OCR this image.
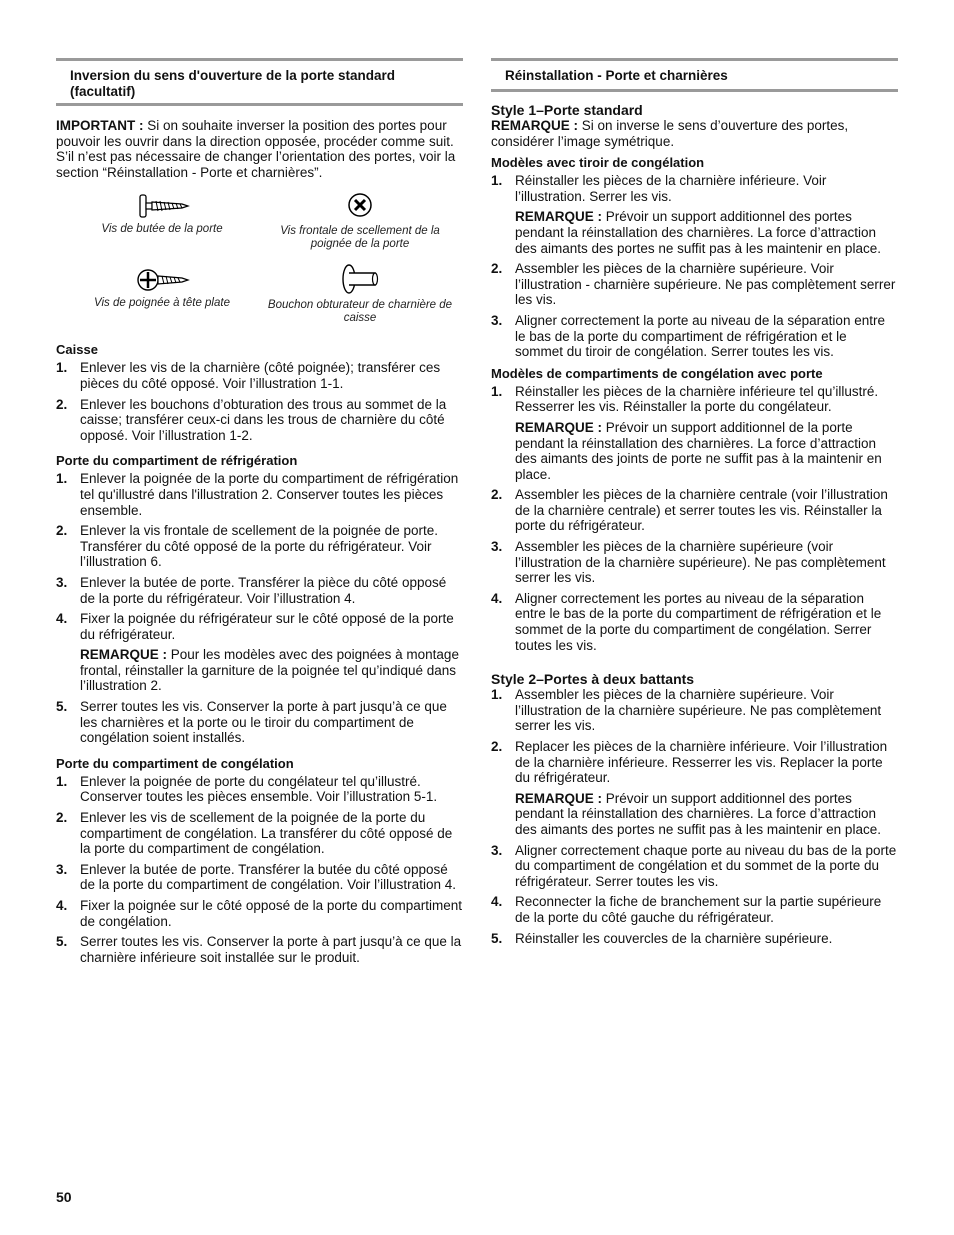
Inversion du sens d'ouverture de la porte standard (facultatif)

IMPORTANT : Si on souhaite inverser la position des portes pour pouvoir les ouvrir dans la direction opposée, procéder comme suit. S’il n’est pas nécessaire de changer l’orientation des portes, voir la section “Réinstallation - Porte et charnières”.

Vis de butée de la porte	Vis frontale de scellement de la poignée de la porte
Vis de poignée à tête plate	Bouchon obturateur de charnière de caisse
Caisse
1. Enlever les vis de la charnière (côté poignée); transférer ces pièces du côté opposé. Voir l’illustration 1-1.
2. Enlever les bouchons d’obturation des trous au sommet de la caisse; transférer ceux-ci dans les trous de charnière du côté opposé. Voir l’illustration 1-2.
Porte du compartiment de réfrigération
1. Enlever la poignée de la porte du compartiment de réfrigération tel qu'illustré dans l'illustration 2. Conserver toutes les pièces ensemble.
2. Enlever la vis frontale de scellement de la poignée de porte. Transférer du côté opposé de la porte du réfrigérateur. Voir l’illustration 6.
3. Enlever la butée de porte. Transférer la pièce du côté opposé de la porte du réfrigérateur. Voir l’illustration 4.
4. Fixer la poignée du réfrigérateur sur le côté opposé de la porte du réfrigérateur.

REMARQUE : Pour les modèles avec des poignées à montage frontal, réinstaller la garniture de la poignée tel qu’indiqué dans l’illustration 2.

5. Serrer toutes les vis. Conserver la porte à part jusqu’à ce que les charnières et la porte ou le tiroir du compartiment de congélation soient installés.
Porte du compartiment de congélation
1. Enlever la poignée de porte du congélateur tel qu’illustré. Conserver toutes les pièces ensemble. Voir l’illustration 5-1.
2. Enlever les vis de scellement de la poignée de la porte du compartiment de congélation. La transférer du côté opposé de la porte du compartiment de congélation.
3. Enlever la butée de porte. Transférer la butée du côté opposé de la porte du compartiment de congélation. Voir l’illustration 4.
4. Fixer la poignée sur le côté opposé de la porte du compartiment de congélation.
5. Serrer toutes les vis. Conserver la porte à part jusqu’à ce que la charnière inférieure soit installée sur le produit.
Réinstallation - Porte et charnières
Style 1–Porte standard

REMARQUE : Si on inverse le sens d’ouverture des portes, considérer l’image symétrique.

Modèles avec tiroir de congélation
1. Réinstaller les pièces de la charnière inférieure. Voir l’illustration. Serrer les vis.

REMARQUE : Prévoir un support additionnel des portes pendant la réinstallation des charnières. La force d’attraction des aimants des portes ne suffit pas à les maintenir en place.

2. Assembler les pièces de la charnière supérieure. Voir l’illustration - charnière supérieure. Ne pas complètement serrer les vis.
3. Aligner correctement la porte au niveau de la séparation entre le bas de la porte du compartiment de réfrigération et le sommet du tiroir de congélation. Serrer toutes les vis.
Modèles de compartiments de congélation avec porte
1. Réinstaller les pièces de la charnière inférieure tel qu’illustré. Resserrer les vis. Réinstaller la porte du congélateur.

REMARQUE : Prévoir un support additionnel de la porte pendant la réinstallation des charnières. La force d’attraction des aimants des joints de porte ne suffit pas à la maintenir en place.

2. Assembler les pièces de la charnière centrale (voir l’illustration de la charnière centrale) et serrer toutes les vis. Réinstaller la porte du réfrigérateur.
3. Assembler les pièces de la charnière supérieure (voir l’illustration de la charnière supérieure). Ne pas complètement serrer les vis.
4. Aligner correctement les portes au niveau de la séparation entre le bas de la porte du compartiment de réfrigération et le sommet de la porte du compartiment de congélation. Serrer toutes les vis.
Style 2–Portes à deux battants
1. Assembler les pièces de la charnière supérieure. Voir l’illustration de la charnière supérieure. Ne pas complètement serrer les vis.
2. Replacer les pièces de la charnière inférieure. Voir l’illustration de la charnière inférieure. Resserrer les vis. Replacer la porte du réfrigérateur.

REMARQUE : Prévoir un support additionnel des portes pendant la réinstallation des charnières. La force d’attraction des aimants des portes ne suffit pas à les maintenir en place.

3. Aligner correctement chaque porte au niveau du bas de la porte du compartiment de congélation et du sommet de la porte du réfrigérateur. Serrer toutes les vis.
4. Reconnecter la fiche de branchement sur la partie supérieure de la porte du côté gauche du réfrigérateur.
5. Réinstaller les couvercles de la charnière supérieure.
50
